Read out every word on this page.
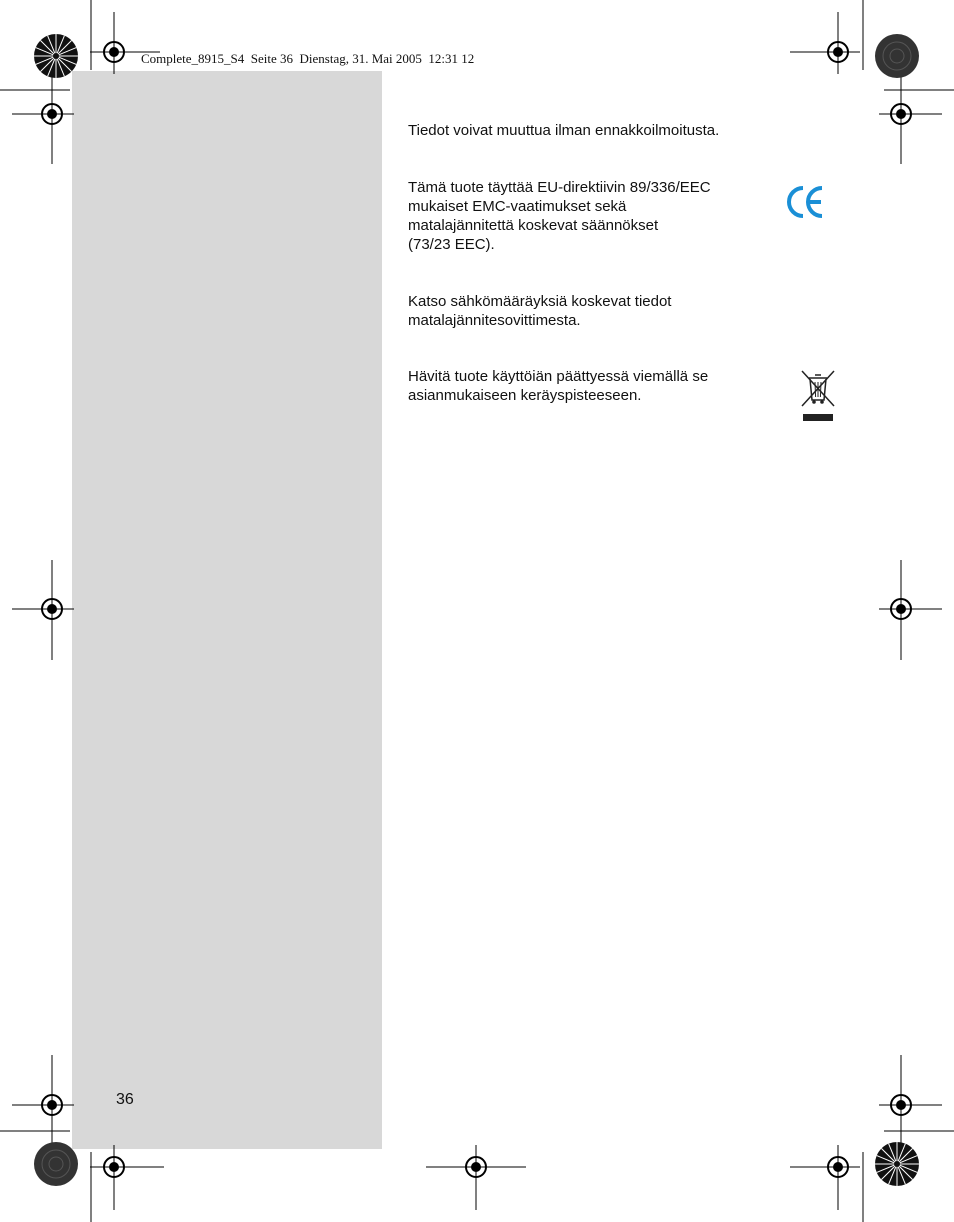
Complete_8915_S4  Seite 36  Dienstag, 31. Mai 2005  12:31 12

Tiedot voivat muuttua ilman ennakkoilmoitusta.

Tämä tuote täyttää EU-direktiivin 89/336/EEC
mukaiset EMC-vaatimukset sekä
matalajännitettä koskevat säännökset
(73/23 EEC).

Katso sähkömääräyksiä koskevat tiedot
matalajännitesovittimesta.

Hävitä tuote käyttöiän päättyessä viemällä se
asianmukaiseen keräyspisteeseen.

36
